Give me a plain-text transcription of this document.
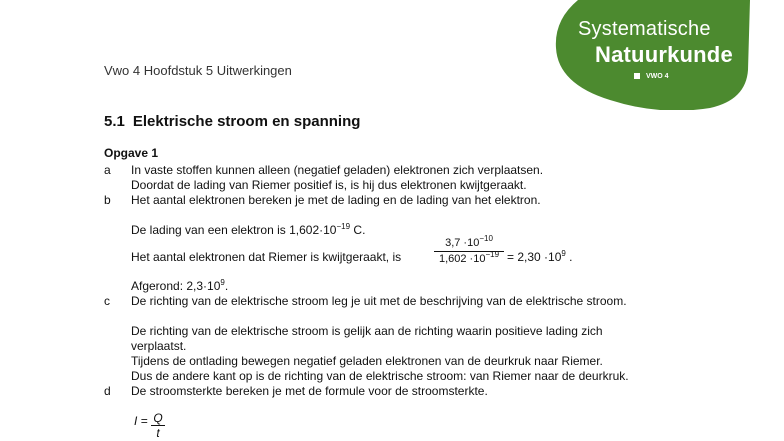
Systematische
Natuurkunde
VWO 4
Vwo 4 Hoofdstuk 5 Uitwerkingen
5.1 Elektrische stroom en spanning
Opgave 1
a In vaste stoffen kunnen alleen (negatief geladen) elektronen zich verplaatsen.
Doordat de lading van Riemer positief is, is hij dus elektronen kwijtgeraakt.
b Het aantal elektronen bereken je met de lading en de lading van het elektron.
De lading van een elektron is $1,602\cdot 10^{-19}$ C.
Het aantal elektronen dat Riemer is kwijtgeraakt, is
$3,7 \cdot 10^{-10}$
$1,602 \cdot 10^{-19} = 2,30 \cdot 10^9$ .
Afgerond: $2,3\cdot 10^9$.
c De richting van de elektrische stroom leg je uit met de beschrijving van de elektrische stroom.
De richting van de elektrische stroom is gelijk aan de richting waarin positieve lading zich
verplaatst.
Tijdens de ontlading bewegen negatief geladen elektronen van de deurkruk naar Riemer.
Dus de andere kant op is de richting van de elektrische stroom: van Riemer naar de deurkruk.
d De stroomsterkte bereken je met de formule voor de stroomsterkte.
I = Q
t
